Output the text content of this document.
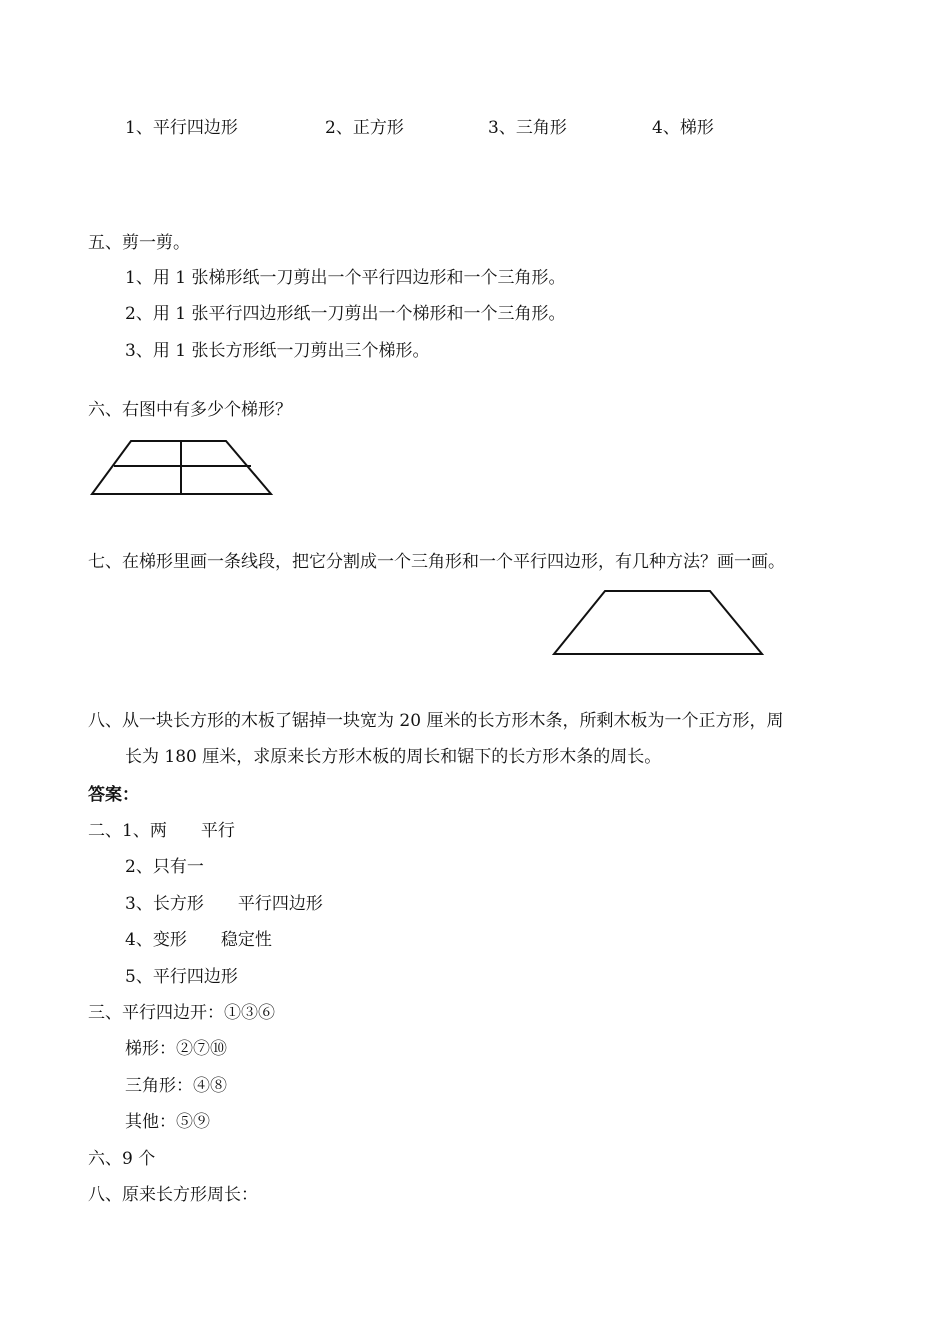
1、平行四边形	2、正方形	3、三角形	4、梯形
五、剪一剪。
1、用 1 张梯形纸一刀剪出一个平行四边形和一个三角形。
2、用 1 张平行四边形纸一刀剪出一个梯形和一个三角形。
3、用 1 张长方形纸一刀剪出三个梯形。
六、右图中有多少个梯形？
七、在梯形里画一条线段，把它分割成一个三角形和一个平行四边形，有几种方法？画一画。
八、从一块长方形的木板了锯掉一块宽为 20 厘米的长方形木条，所剩木板为一个正方形，周
长为 180 厘米，求原来长方形木板的周长和锯下的长方形木条的周长。
答案：
二、1、两　　平行
2、只有一
3、长方形　　平行四边形
4、变形　　稳定性
5、平行四边形
三、平行四边开：①③⑥
梯形：②⑦⑩
三角形：④⑧
其他：⑤⑨
六、9 个
八、原来长方形周长：
